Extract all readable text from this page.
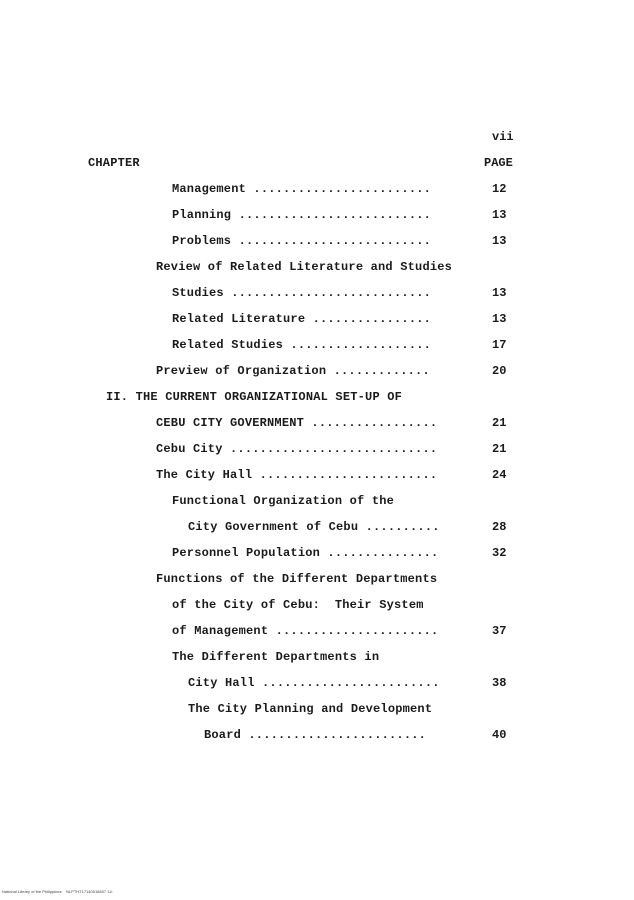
vii
CHAPTER	PAGE
Management ........................	12
Planning ..........................	13
Problems ..........................	13
Review of Related Literature and Studies
Studies ...........................	13
Related Literature ................	13
Related Studies ...................	17
Preview of Organization .............	20
II. THE CURRENT ORGANIZATIONAL SET-UP OF
CEBU CITY GOVERNMENT .................	21
Cebu City ............................	21
The City Hall ........................	24
Functional Organization of the
City Government of Cebu ..........	28
Personnel Population ...............	32
Functions of the Different Departments
of the City of Cebu:  Their System
of Management ......................	37
The Different Departments in
City Hall ........................	38
The City Planning and Development
Board ........................	40
National Library of the Philippines    NLPTHT17140016897 11I
